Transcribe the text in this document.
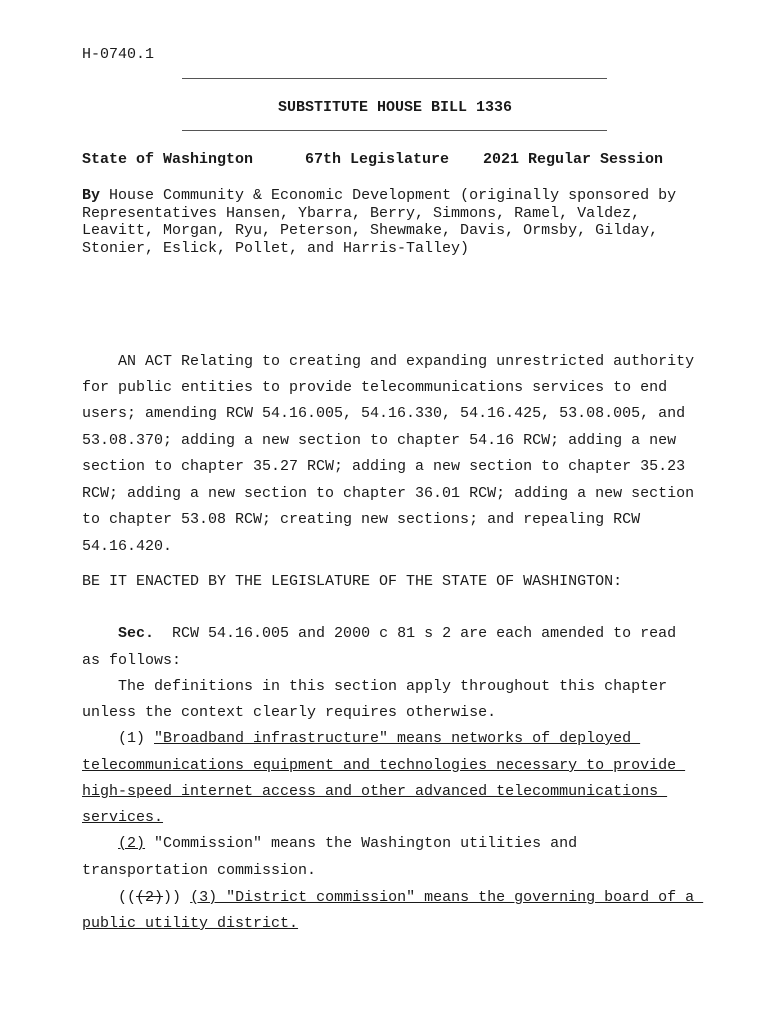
H-0740.1
SUBSTITUTE HOUSE BILL 1336
State of Washington	67th Legislature 2021 Regular Session
By House Community & Economic Development (originally sponsored by Representatives Hansen, Ybarra, Berry, Simmons, Ramel, Valdez, Leavitt, Morgan, Ryu, Peterson, Shewmake, Davis, Ormsby, Gilday, Stonier, Eslick, Pollet, and Harris-Talley)
AN ACT Relating to creating and expanding unrestricted authority
for public entities to provide telecommunications services to end
users; amending RCW 54.16.005, 54.16.330, 54.16.425, 53.08.005, and
53.08.370; adding a new section to chapter 54.16 RCW; adding a new
section to chapter 35.27 RCW; adding a new section to chapter 35.23
RCW; adding a new section to chapter 36.01 RCW; adding a new section
to chapter 53.08 RCW; creating new sections; and repealing RCW
54.16.420.
BE IT ENACTED BY THE LEGISLATURE OF THE STATE OF WASHINGTON:
Sec.  RCW 54.16.005 and 2000 c 81 s 2 are each amended to read
as follows:
The definitions in this section apply throughout this chapter
unless the context clearly requires otherwise.
(1) "Broadband infrastructure" means networks of deployed
telecommunications equipment and technologies necessary to provide
high-speed internet access and other advanced telecommunications
services.
(2) "Commission" means the Washington utilities and
transportation commission.
(((2))) (3) "District commission" means the governing board of a
public utility district.
